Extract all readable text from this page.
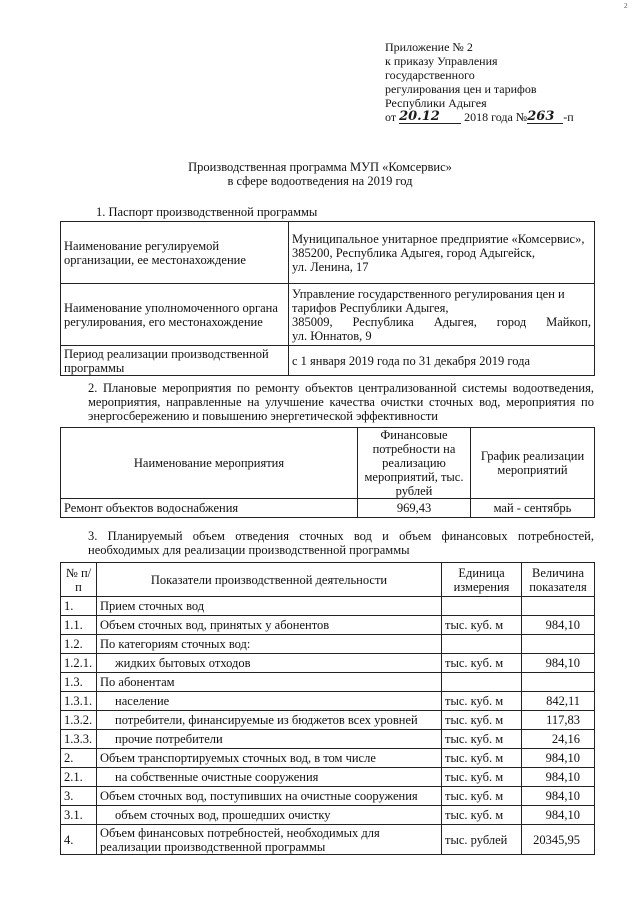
2
Приложение № 2
к приказу Управления
государственного
регулирования цен и тарифов
Республики Адыгея
от 20.12 2018 года №263 -п
Производственная программа МУП «Комсервис»
в сфере водоотведения на 2019 год
1. Паспорт производственной программы
Наименование регулируемой организации, ее местонахождение	Муниципальное унитарное предприятие «Комсервис»,
385200, Республика Адыгея, город Адыгейск,
ул. Ленина, 17

Наименование уполномоченного органа регулирования, его местонахождение	Управление государственного регулирования цен и тарифов Республики Адыгея,
385009, Республика Адыгея, город Майкоп,
ул. Юннатов, 9

Период реализации производственной программы	с 1 января 2019 года по 31 декабря 2019 года
2. Плановые мероприятия по ремонту объектов централизованной системы водоотведения, мероприятия, направленные на улучшение качества очистки сточных вод, мероприятия по энергосбережению и повышению энергетической эффективности
Наименование мероприятия	Финансовые потребности на реализацию мероприятий, тыс. рублей	График реализации мероприятий
Ремонт объектов водоснабжения	969,43	май - сентябрь
3. Планируемый объем отведения сточных вод и объем финансовых потребностей, необходимых для реализации производственной программы
№ п/п	Показатели производственной деятельности	Единица измерения	Величина показателя
1.	Прием сточных вод		
1.1.	Объем сточных вод, принятых у абонентов	тыс. куб. м	984,10
1.2.	По категориям сточных вод:		
1.2.1.	жидких бытовых отходов	тыс. куб. м	984,10
1.3.	По абонентам		
1.3.1.	население	тыс. куб. м	842,11
1.3.2.	потребители, финансируемые из бюджетов всех уровней	тыс. куб. м	117,83
1.3.3.	прочие потребители	тыс. куб. м	24,16
2.	Объем транспортируемых сточных вод, в том числе	тыс. куб. м	984,10
2.1.	на собственные очистные сооружения	тыс. куб. м	984,10
3.	Объем сточных вод, поступивших на очистные сооружения	тыс. куб. м	984,10
3.1.	объем сточных вод, прошедших очистку	тыс. куб. м	984,10
4.	Объем финансовых потребностей, необходимых для реализации производственной программы	тыс. рублей	20345,95
